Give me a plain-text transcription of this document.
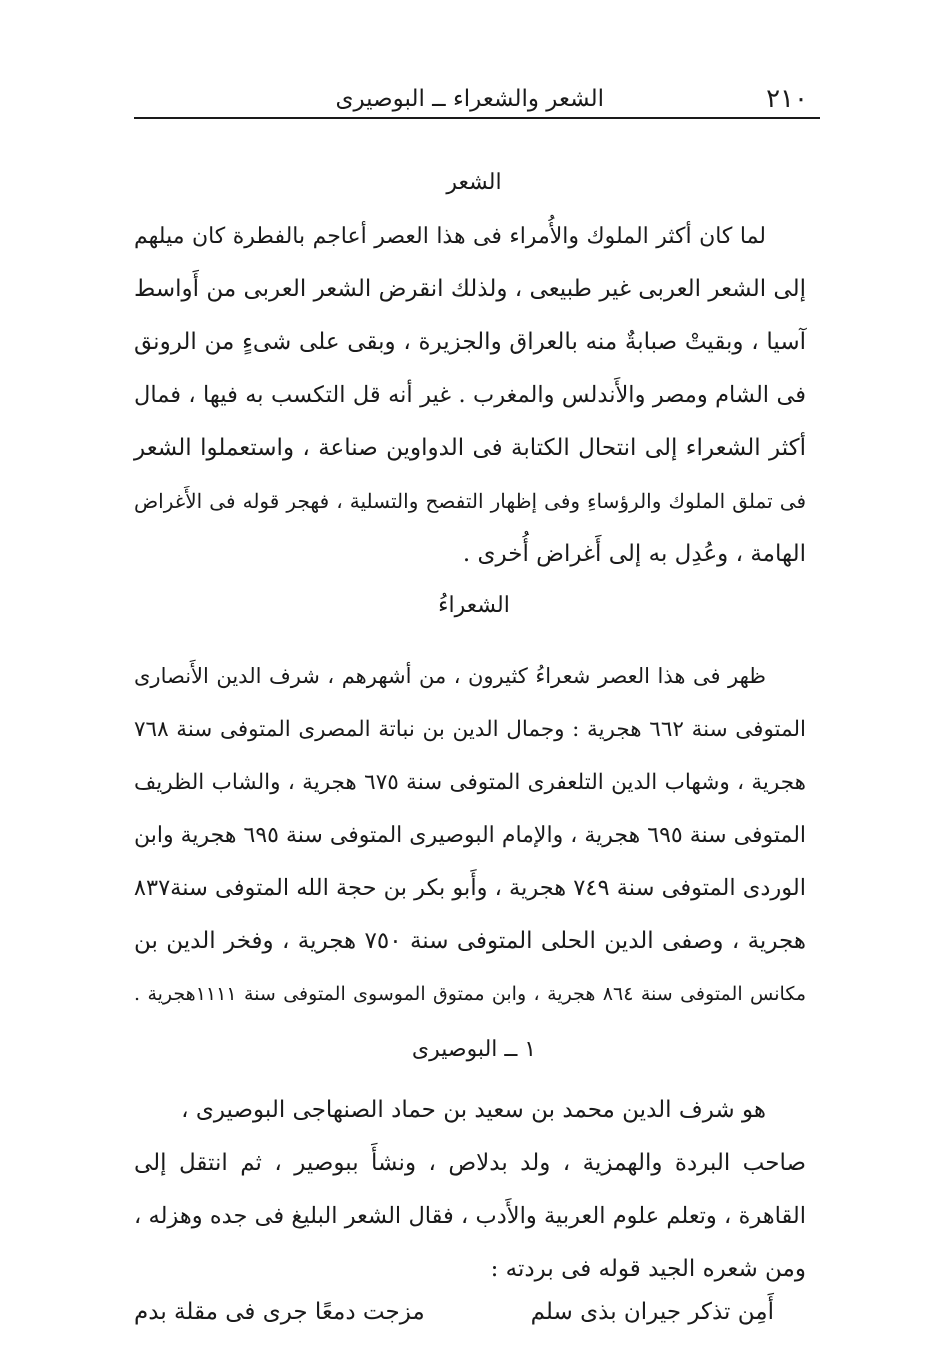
٢١٠
الشعر والشعراء ــ البوصيرى
الشعر
لما كان أكثر الملوك والأُمراء فى هذا العصر أعاجم بالفطرة كان ميلهم
إلى الشعر العربى غير طبيعى ، ولذلك انقرض الشعر العربى من أَواسط
آسيا ، وبقيتْ صبابةٌ منه بالعراق والجزيرة ، وبقى على شىءٍ من الرونق
فى الشام ومصر والأَندلس والمغرب . غير أنه قل التكسب به فيها ، فمال
أكثر الشعراء إلى انتحال الكتابة فى الدواوين صناعة ، واستعملوا الشعر
فى تملق الملوك والرؤساءِ وفى إظهار التفصح والتسلية ، فهجر قوله فى الأَغراض
الهامة ، وعُدِل به إلى أَغراض أُخرى .
الشعراءُ
ظهر فى هذا العصر شعراءُ كثيرون ، من أشهرهم ، شرف الدين الأَنصارى
المتوفى سنة ٦٦٢ هجرية : وجمال الدين بن نباتة المصرى المتوفى سنة ٧٦٨
هجرية ، وشهاب الدين التلعفرى المتوفى سنة ٦٧٥ هجرية ، والشاب الظريف
المتوفى سنة ٦٩٥ هجرية ، والإمام البوصيرى المتوفى سنة ٦٩٥ هجرية وابن
الوردى المتوفى سنة ٧٤٩ هجرية ، وأَبو بكر بن حجة الله المتوفى سنة٨٣٧
هجرية ، وصفى الدين الحلى المتوفى سنة ٧٥٠ هجرية ، وفخر الدين بن
مكانس المتوفى سنة ٨٦٤ هجرية ، وابن ممتوق الموسوى المتوفى سنة ١١١١هجرية .
١ ــ البوصيرى
هو شرف الدين محمد بن سعيد بن حماد الصنهاجى البوصيرى ،
صاحب البردة والهمزية ، ولد بدلاص ، ونشأَ ببوصير ، ثم انتقل إلى
القاهرة ، وتعلم علوم العربية والأَدب ، فقال الشعر البليغ فى جده وهزله ،
ومن شعره الجيد قوله فى بردته :
أَمِن تذكر جيران بذى سلم
مزجت دمعًا جرى فى مقلة بدم
